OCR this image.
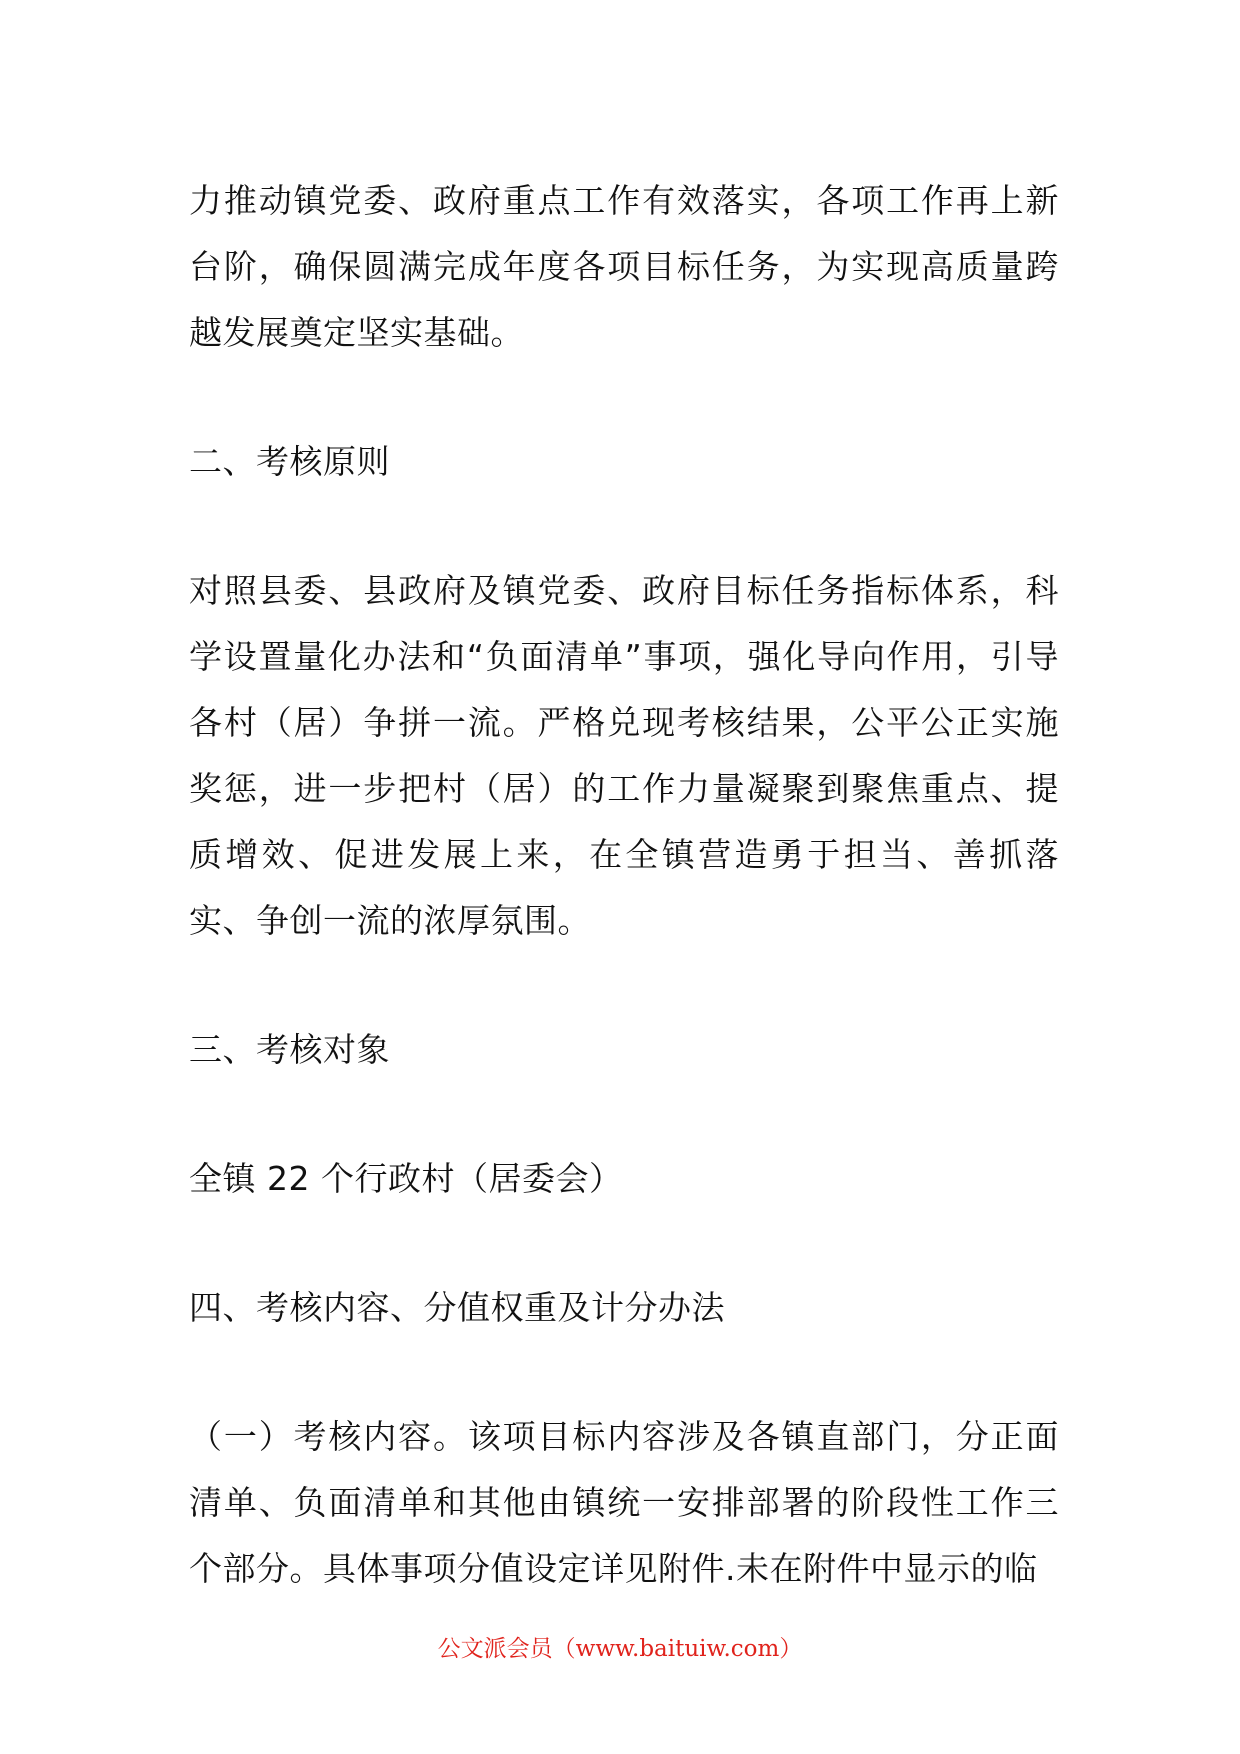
力推动镇党委、政府重点工作有效落实，各项工作再上新台阶，确保圆满完成年度各项目标任务，为实现高质量跨越发展奠定坚实基础。

二、考核原则

对照县委、县政府及镇党委、政府目标任务指标体系，科学设置量化办法和“负面清单”事项，强化导向作用，引导各村（居）争拼一流。严格兑现考核结果，公平公正实施奖惩，进一步把村（居）的工作力量凝聚到聚焦重点、提质增效、促进发展上来，在全镇营造勇于担当、善抓落实、争创一流的浓厚氛围。

三、考核对象

全镇 22 个行政村（居委会）

四、考核内容、分值权重及计分办法

（一）考核内容。该项目标内容涉及各镇直部门，分正面清单、负面清单和其他由镇统一安排部署的阶段性工作三个部分。具体事项分值设定详见附件.未在附件中显示的临

公文派会员（www.baituiw.com）
